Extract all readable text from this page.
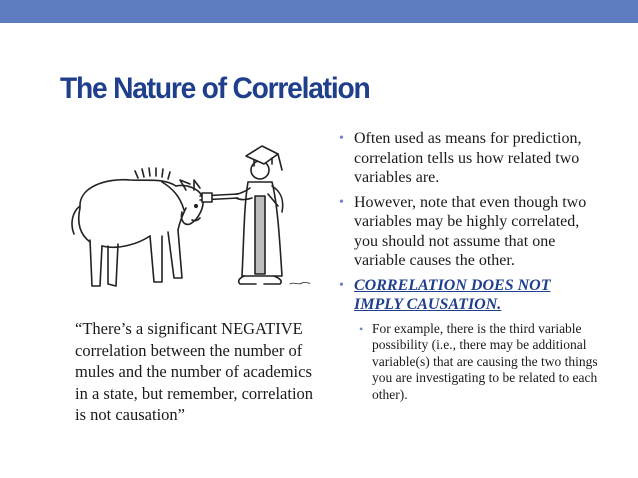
The Nature of Correlation
“There’s a significant NEGATIVE correlation between the number of mules and the number of academics in a state, but remember, correlation is not causation”
• Often used as means for prediction, correlation tells us how related two variables are.
• However, note that even though two variables may be highly correlated, you should not assume that one variable causes the other.
• CORRELATION DOES NOT IMPLY CAUSATION.
• For example, there is the third variable possibility (i.e., there may be additional variable(s) that are causing the two things you are investigating to be related to each other).
